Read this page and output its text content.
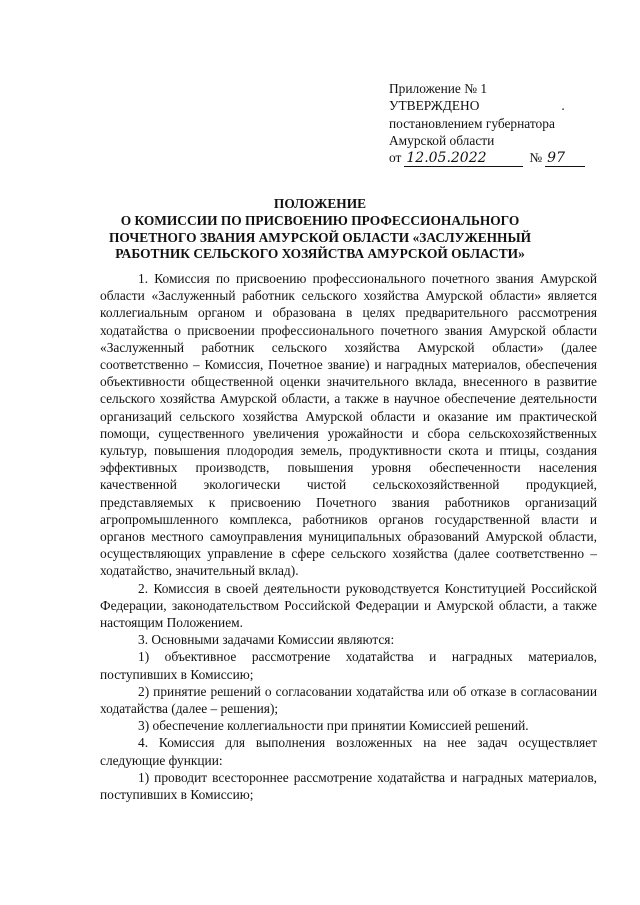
Приложение № 1
УТВЕРЖДЕНО	.
постановлением губернатора
Амурской области
от 12.05.2022	№ 97
ПОЛОЖЕНИЕ
О КОМИССИИ ПО ПРИСВОЕНИЮ ПРОФЕССИОНАЛЬНОГО
ПОЧЕТНОГО ЗВАНИЯ АМУРСКОЙ ОБЛАСТИ «ЗАСЛУЖЕННЫЙ
РАБОТНИК СЕЛЬСКОГО ХОЗЯЙСТВА АМУРСКОЙ ОБЛАСТИ»

1. Комиссия по присвоению профессионального почетного звания Амурской области «Заслуженный работник сельского хозяйства Амурской области» является коллегиальным органом и образована в целях предварительного рассмотрения ходатайства о присвоении профессионального почетного звания Амурской области «Заслуженный работник сельского хозяйства Амурской области» (далее соответственно – Комиссия, Почетное звание) и наградных материалов, обеспечения объективности общественной оценки значительного вклада, внесенного в развитие сельского хозяйства Амурской области, а также в научное обеспечение деятельности организаций сельского хозяйства Амурской области и оказание им практической помощи, существенного увеличения урожайности и сбора сельскохозяйственных культур, повышения плодородия земель, продуктивности скота и птицы, создания эффективных производств, повышения уровня обеспеченности населения качественной экологически чистой сельскохозяйственной продукцией, представляемых к присвоению Почетного звания работников организаций агропромышленного комплекса, работников органов государственной власти и органов местного самоуправления муниципальных образований Амурской области, осуществляющих управление в сфере сельского хозяйства (далее соответственно – ходатайство, значительный вклад).

2. Комиссия в своей деятельности руководствуется Конституцией Российской Федерации, законодательством Российской Федерации и Амурской области, а также настоящим Положением.

3. Основными задачами Комиссии являются:

1) объективное рассмотрение ходатайства и наградных материалов, поступивших в Комиссию;

2) принятие решений о согласовании ходатайства или об отказе в согласовании ходатайства (далее – решения);

3) обеспечение коллегиальности при принятии Комиссией решений.

4. Комиссия для выполнения возложенных на нее задач осуществляет следующие функции:

1) проводит всестороннее рассмотрение ходатайства и наградных материалов, поступивших в Комиссию;
